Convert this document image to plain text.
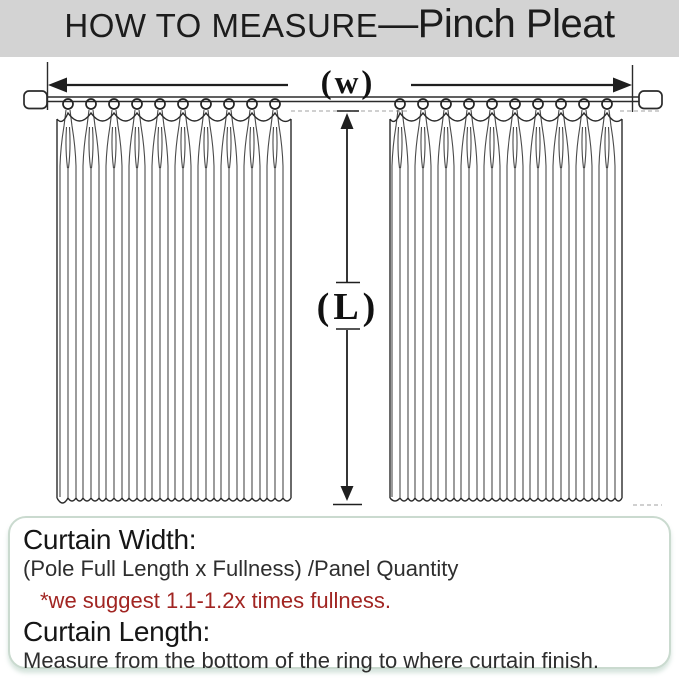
HOW TO MEASURE—Pinch Pleat
(w)
(L)
Curtain Width:
(Pole Full Length x Fullness) /Panel Quantity
*we suggest 1.1-1.2x times fullness.
Curtain Length:
Measure from the bottom of the ring to where curtain finish.
